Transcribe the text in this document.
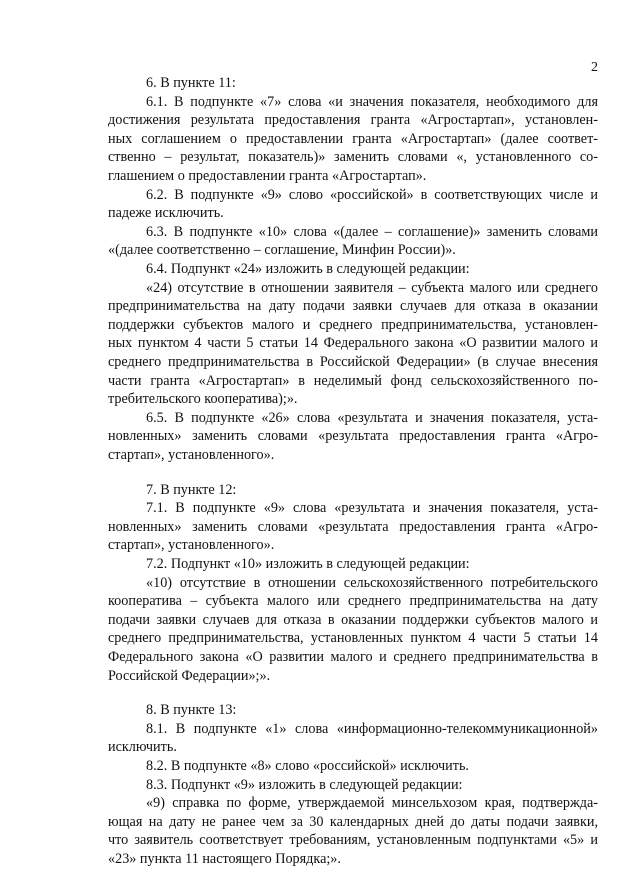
2
6. В пункте 11:
6.1. В подпункте «7» слова «и значения показателя, необходимого для
достижения результата предоставления гранта «Агростартап», установлен-
ных соглашением о предоставлении гранта «Агростартап» (далее соответ-
ственно – результат, показатель)» заменить словами «, установленного со-
глашением о предоставлении гранта «Агростартап».
6.2. В подпункте «9» слово «российской» в соответствующих числе и
падеже исключить.
6.3. В подпункте «10» слова «(далее – соглашение)» заменить словами
«(далее соответственно – соглашение, Минфин России)».
6.4. Подпункт «24» изложить в следующей редакции:
«24) отсутствие в отношении заявителя – субъекта малого или среднего
предпринимательства на дату подачи заявки случаев для отказа в оказании
поддержки субъектов малого и среднего предпринимательства, установлен-
ных пунктом 4 части 5 статьи 14 Федерального закона «О развитии малого и
среднего предпринимательства в Российской Федерации» (в случае внесения
части гранта «Агростартап» в неделимый фонд сельскохозяйственного по-
требительского кооператива);».
6.5. В подпункте «26» слова «результата и значения показателя, уста-
новленных» заменить словами «результата предоставления гранта «Агро-
стартап», установленного».
7. В пункте 12:
7.1. В подпункте «9» слова «результата и значения показателя, уста-
новленных» заменить словами «результата предоставления гранта «Агро-
стартап», установленного».
7.2. Подпункт «10» изложить в следующей редакции:
«10) отсутствие в отношении сельскохозяйственного потребительского
кооператива – субъекта малого или среднего предпринимательства на дату
подачи заявки случаев для отказа в оказании поддержки субъектов малого и
среднего предпринимательства, установленных пунктом 4 части 5 статьи 14
Федерального закона «О развитии малого и среднего предпринимательства в
Российской Федерации»;».
8. В пункте 13:
8.1. В подпункте «1» слова «информационно-телекоммуникационной»
исключить.
8.2. В подпункте «8» слово «российской» исключить.
8.3. Подпункт «9» изложить в следующей редакции:
«9) справка по форме, утверждаемой минсельхозом края, подтвержда-
ющая на дату не ранее чем за 30 календарных дней до даты подачи заявки,
что заявитель соответствует требованиям, установленным подпунктами «5» и
«23» пункта 11 настоящего Порядка;».
